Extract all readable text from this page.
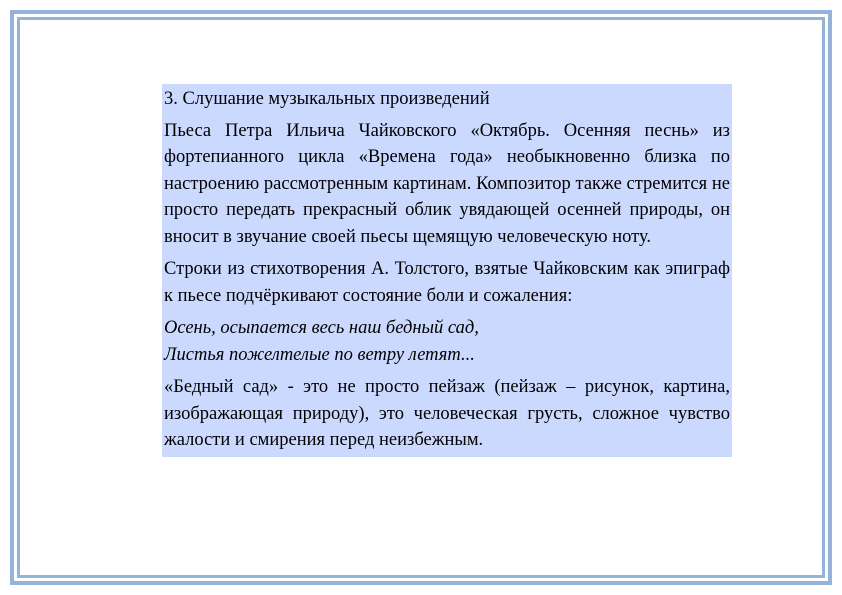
3. Слушание музыкальных произведений
Пьеса Петра Ильича Чайковского «Октябрь. Осенняя песнь» из фортепианного цикла «Времена года» необыкновенно близка по настроению рассмотренным картинам. Композитор также стремится не просто передать прекрасный облик увядающей осенней природы, он вносит в звучание своей пьесы щемящую человеческую ноту.
Строки из стихотворения А. Толстого, взятые Чайковским как эпиграф к пьесе подчёркивают состояние боли и сожаления:
Осень, осыпается весь наш бедный сад,
Листья пожелтелые по ветру летят...
«Бедный сад» - это не просто пейзаж (пейзаж – рисунок, картина, изображающая природу), это человеческая грусть, сложное чувство жалости и смирения перед неизбежным.
